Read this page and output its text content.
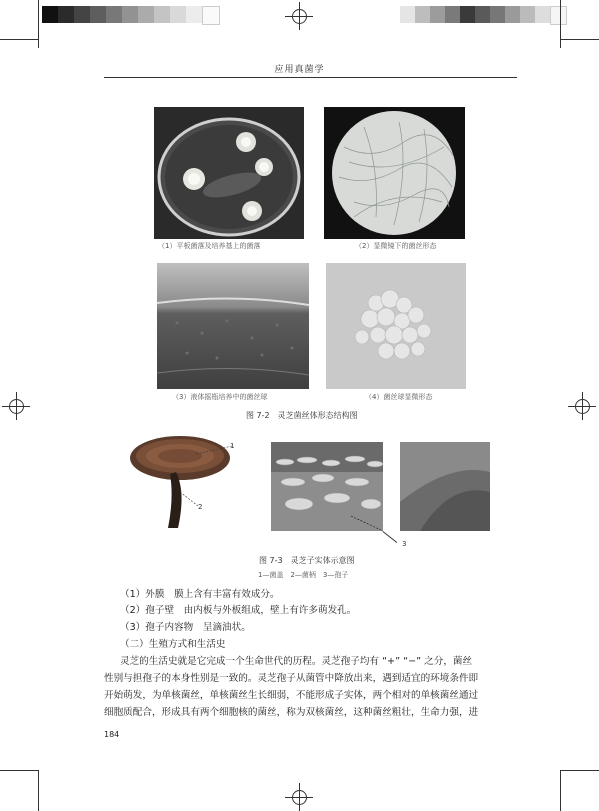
应用真菌学
（1）平板菌落及培养基上的菌落	（2）显微镜下的菌丝形态
（3）液体摇瓶培养中的菌丝球	（4）菌丝球显微形态
图 7-2　灵芝菌丝体形态结构图
1
2
3
图 7-3　灵芝子实体示意图
1—菌盖　2—菌柄　3—孢子
（1）外膜　膜上含有丰富有效成分。
（2）孢子壁　由内板与外板组成，壁上有许多萌发孔。
（3）孢子内容物　呈滴油状。
（二）生殖方式和生活史
灵芝的生活史就是它完成一个生命世代的历程。灵芝孢子均有 “+” “−” 之分，菌丝
性别与担孢子的本身性别是一致的。灵芝孢子从菌管中降放出来，遇到适宜的环境条件即
开始萌发，为单核菌丝，单核菌丝生长细弱，不能形成子实体，两个相对的单核菌丝通过
细胞质配合，形成具有两个细胞核的菌丝，称为双核菌丝，这种菌丝粗壮，生命力强，进
184
